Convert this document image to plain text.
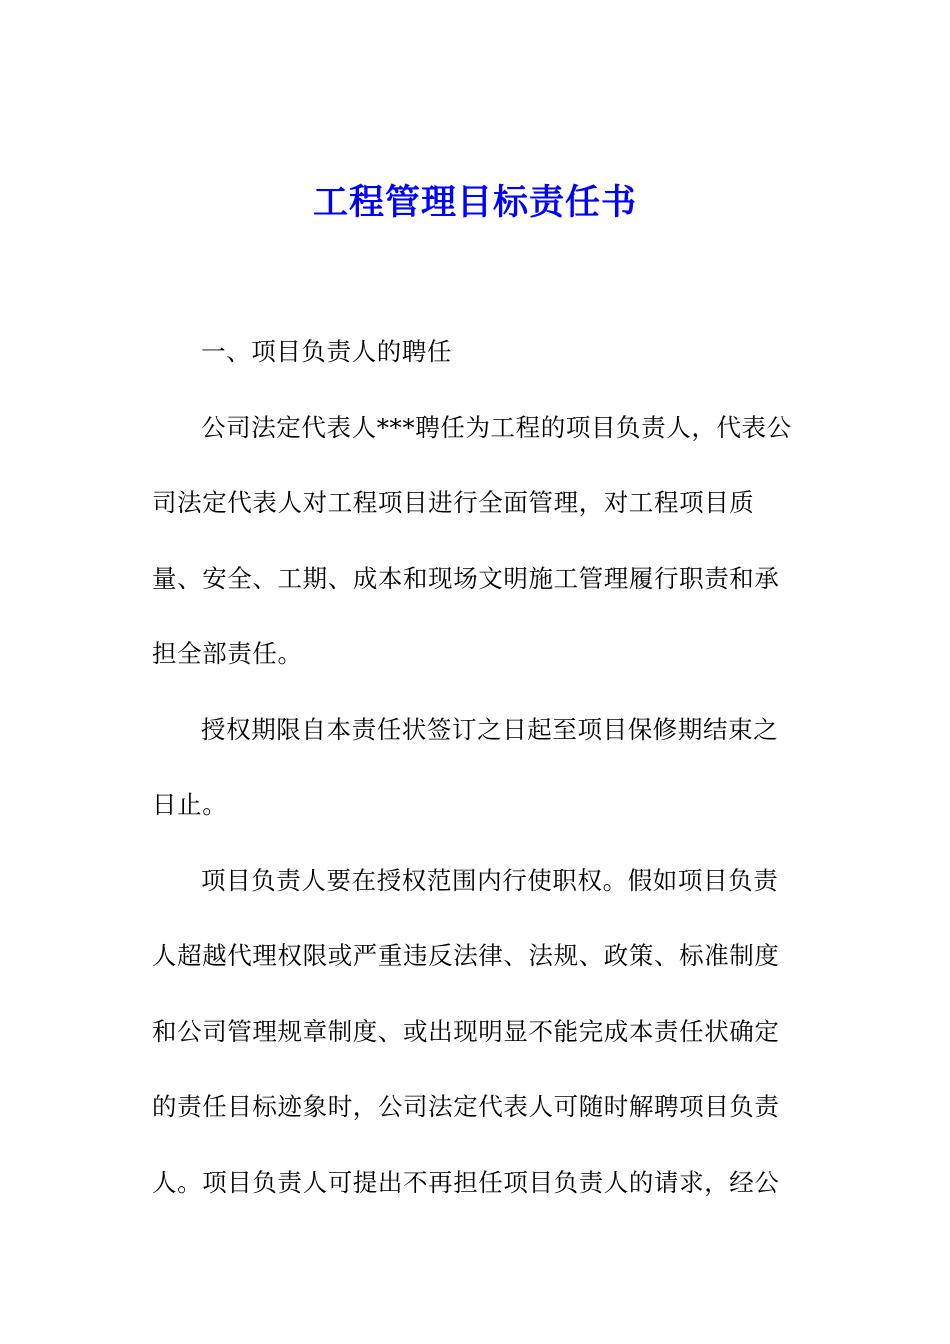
工程管理目标责任书
一、项目负责人的聘任
公司法定代表人***聘任为工程的项目负责人，代表公
司法定代表人对工程项目进行全面管理，对工程项目质
量、安全、工期、成本和现场文明施工管理履行职责和承
担全部责任。
授权期限自本责任状签订之日起至项目保修期结束之
日止。
项目负责人要在授权范围内行使职权。假如项目负责
人超越代理权限或严重违反法律、法规、政策、标准制度
和公司管理规章制度、或出现明显不能完成本责任状确定
的责任目标迹象时，公司法定代表人可随时解聘项目负责
人。项目负责人可提出不再担任项目负责人的请求，经公
